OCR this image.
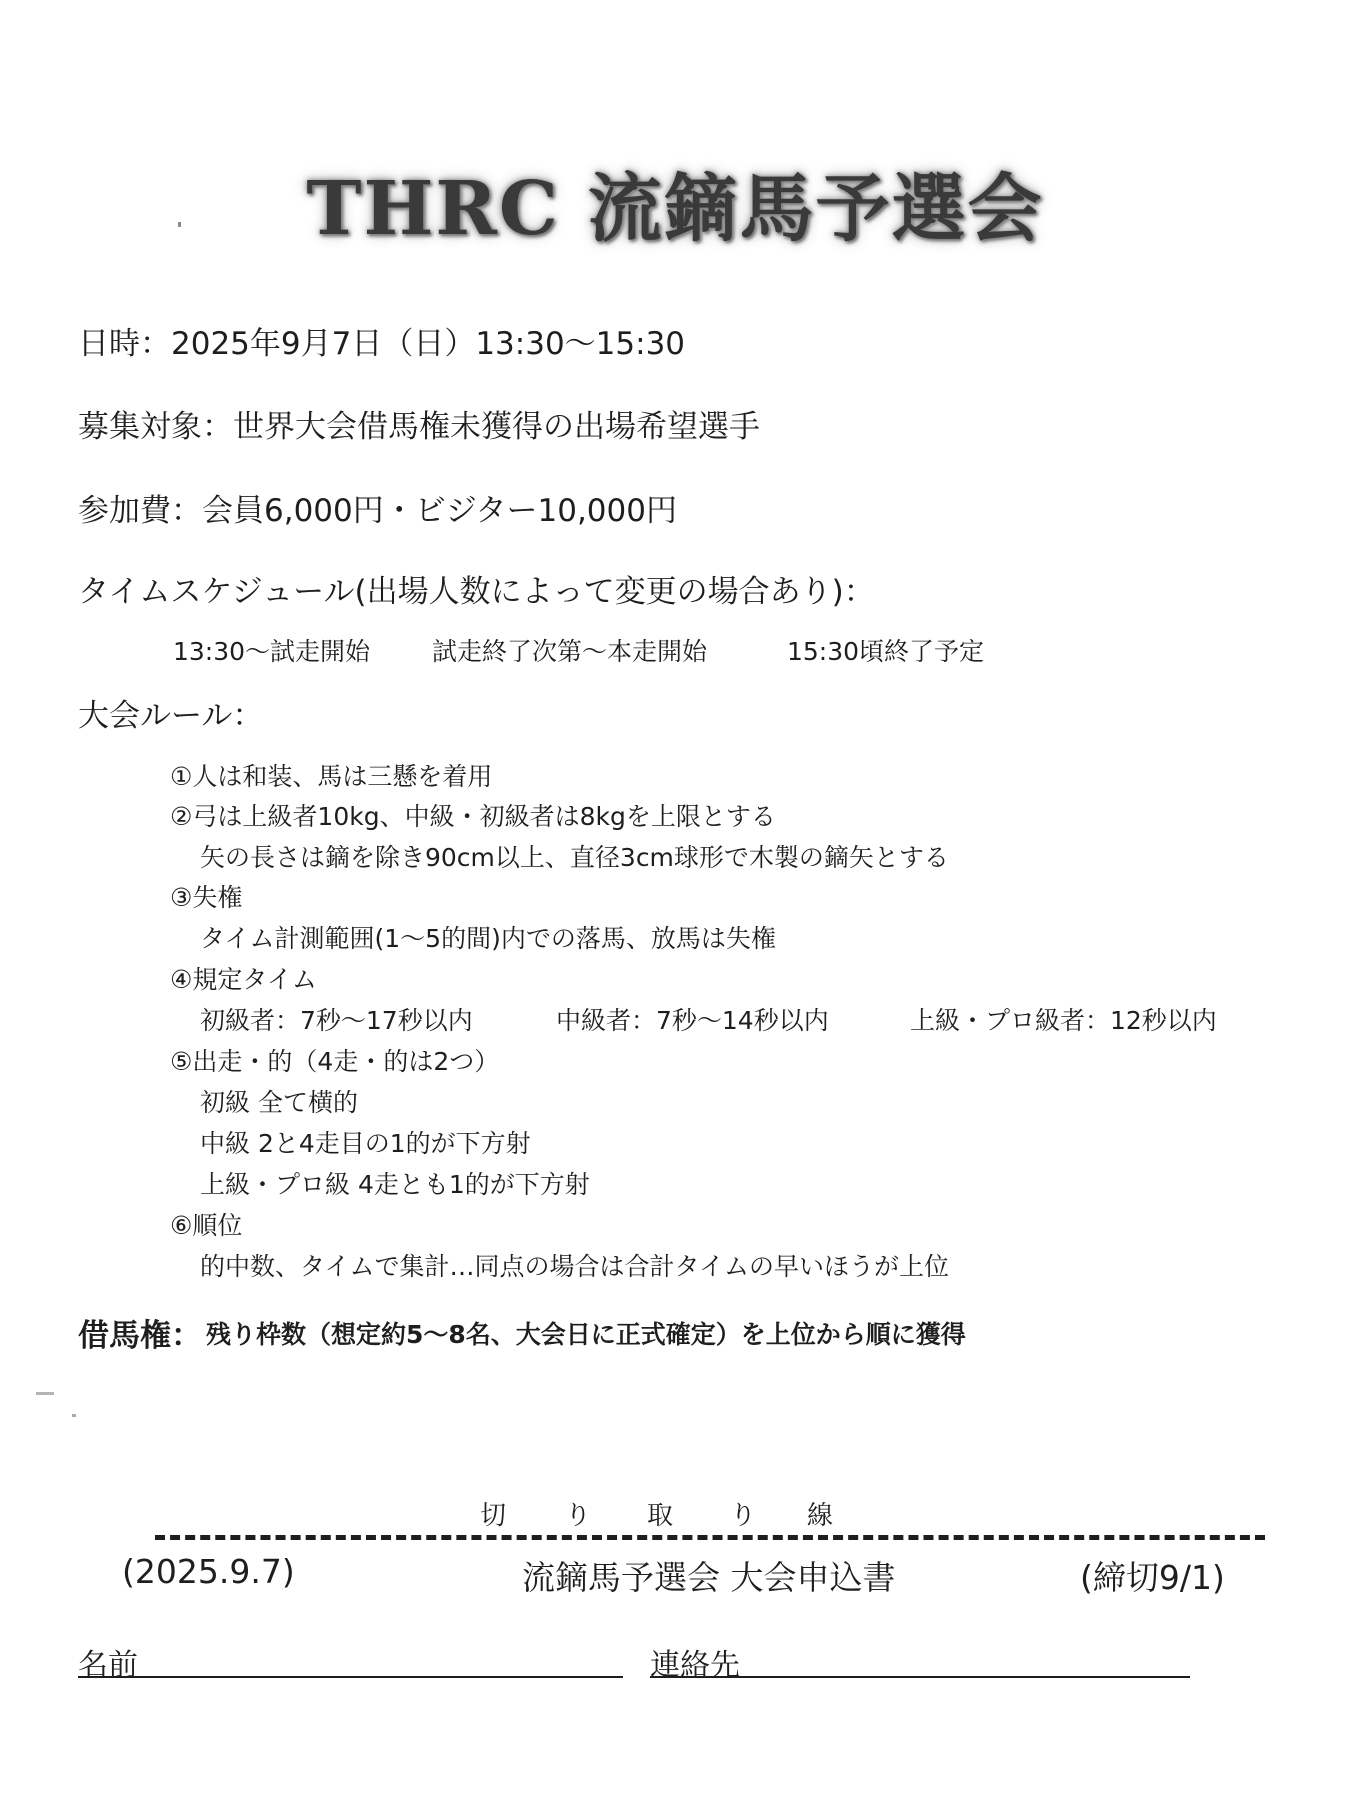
THRC 流鏑馬予選会
日時：2025年9月7日（日）13:30〜15:30
募集対象：世界大会借馬権未獲得の出場希望選手
参加費：会員6,000円・ビジター10,000円
タイムスケジュール(出場人数によって変更の場合あり)：
13:30〜試走開始 試走終了次第〜本走開始	15:30頃終了予定
大会ルール：
①人は和装、馬は三懸を着用
②弓は上級者10kg、中級・初級者は8kgを上限とする
矢の長さは鏑を除き90cm以上、直径3cm球形で木製の鏑矢とする
③失権
タイム計測範囲(1〜5的間)内での落馬、放馬は失権
④規定タイム
初級者：7秒〜17秒以内	中級者：7秒〜14秒以内	上級・プロ級者：12秒以内
⑤出走・的（4走・的は2つ）
初級 全て横的
中級 2と4走目の1的が下方射
上級・プロ級 4走とも1的が下方射
⑥順位
的中数、タイムで集計…同点の場合は合計タイムの早いほうが上位
借馬権： 残り枠数（想定約5〜8名、大会日に正式確定）を上位から順に獲得
切 り 取 り 線
(2025.9.7)	流鏑馬予選会 大会申込書	(締切9/1)
名前	連絡先
